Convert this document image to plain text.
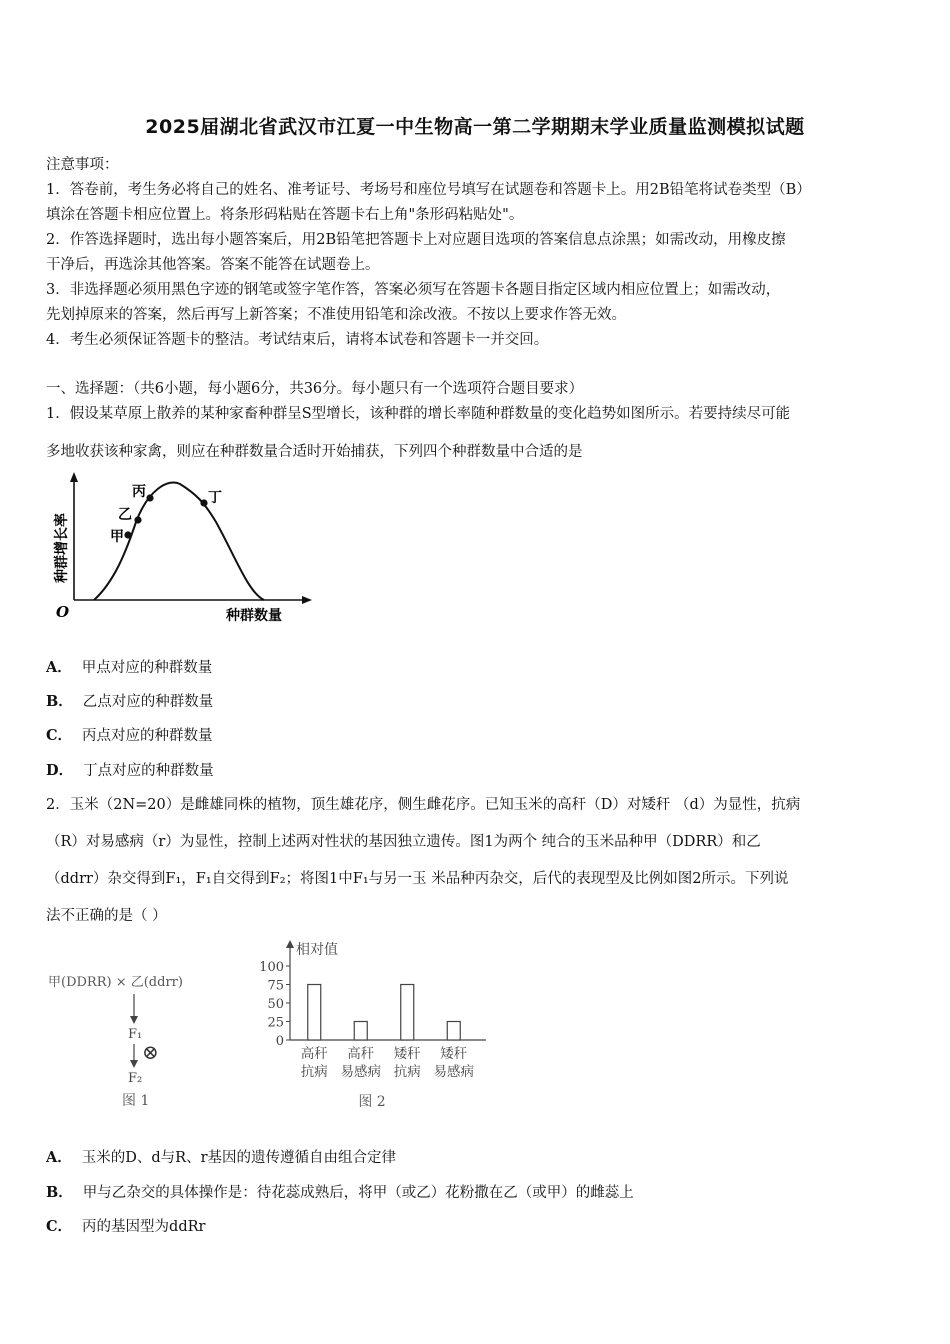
2025届湖北省武汉市江夏一中生物高一第二学期期末学业质量监测模拟试题
注意事项：
1．答卷前，考生务必将自己的姓名、准考证号、考场号和座位号填写在试题卷和答题卡上。用2B铅笔将试卷类型（B）
填涂在答题卡相应位置上。将条形码粘贴在答题卡右上角"条形码粘贴处"。
2．作答选择题时，选出每小题答案后，用2B铅笔把答题卡上对应题目选项的答案信息点涂黑；如需改动，用橡皮擦
干净后，再选涂其他答案。答案不能答在试题卷上。
3．非选择题必须用黑色字迹的钢笔或签字笔作答，答案必须写在答题卡各题目指定区域内相应位置上；如需改动，
先划掉原来的答案，然后再写上新答案；不准使用铅笔和涂改液。不按以上要求作答无效。
4．考生必须保证答题卡的整洁。考试结束后，请将本试卷和答题卡一并交回。
一、选择题：（共6小题，每小题6分，共36分。每小题只有一个选项符合题目要求）
1．假设某草原上散养的某种家畜种群呈S型增长，该种群的增长率随种群数量的变化趋势如图所示。若要持续尽可能
多地收获该种家禽，则应在种群数量合适时开始捕获，下列四个种群数量中合适的是
种群增长率
O	种群数量
甲
乙
丙	丁
A． 甲点对应的种群数量
B． 乙点对应的种群数量
C． 丙点对应的种群数量
D． 丁点对应的种群数量
2．玉米（2N=20）是雌雄同株的植物，顶生雄花序，侧生雌花序。已知玉米的高秆（D）对矮秆 （d）为显性，抗病
（R）对易感病（r）为显性，控制上述两对性状的基因独立遗传。图1为两个 纯合的玉米品种甲（DDRR）和乙
（ddrr）杂交得到F₁，F₁自交得到F₂；将图1中F₁与另一玉 米品种丙杂交，后代的表现型及比例如图2所示。下列说
法不正确的是（ ）
甲(DDRR) × 乙(ddrr)
F₁
⊗
F₂
图 1
相对值
0
25
50
75
100
高秆
抗病
高秆
易感病
矮秆
抗病
矮秆
易感病
图 2
A． 玉米的D、d与R、r基因的遗传遵循自由组合定律
B． 甲与乙杂交的具体操作是：待花蕊成熟后，将甲（或乙）花粉撒在乙（或甲）的雌蕊上
C． 丙的基因型为ddRr
